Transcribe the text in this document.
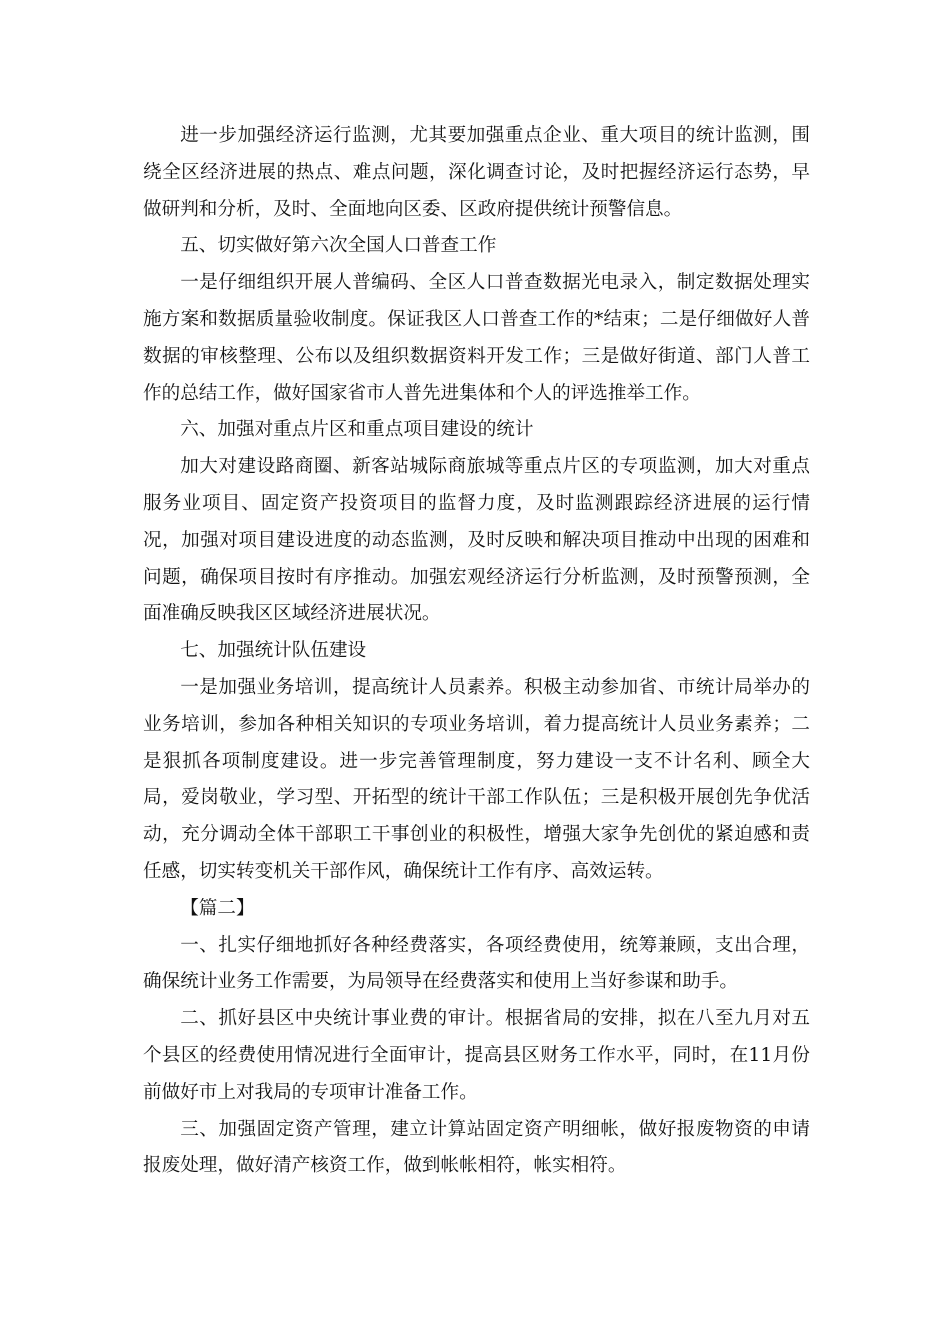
进一步加强经济运行监测，尤其要加强重点企业、重大项目的统计监测，围绕全区经济进展的热点、难点问题，深化调查讨论，及时把握经济运行态势，早做研判和分析，及时、全面地向区委、区政府提供统计预警信息。

五、切实做好第六次全国人口普查工作

一是仔细组织开展人普编码、全区人口普查数据光电录入，制定数据处理实施方案和数据质量验收制度。保证我区人口普查工作的*结束；二是仔细做好人普数据的审核整理、公布以及组织数据资料开发工作；三是做好街道、部门人普工作的总结工作，做好国家省市人普先进集体和个人的评选推举工作。

六、加强对重点片区和重点项目建设的统计

加大对建设路商圈、新客站城际商旅城等重点片区的专项监测，加大对重点服务业项目、固定资产投资项目的监督力度，及时监测跟踪经济进展的运行情况，加强对项目建设进度的动态监测，及时反映和解决项目推动中出现的困难和问题，确保项目按时有序推动。加强宏观经济运行分析监测，及时预警预测，全面准确反映我区区域经济进展状况。

七、加强统计队伍建设

一是加强业务培训，提高统计人员素养。积极主动参加省、市统计局举办的业务培训，参加各种相关知识的专项业务培训，着力提高统计人员业务素养；二是狠抓各项制度建设。进一步完善管理制度，努力建设一支不计名利、顾全大局，爱岗敬业，学习型、开拓型的统计干部工作队伍；三是积极开展创先争优活动，充分调动全体干部职工干事创业的积极性，增强大家争先创优的紧迫感和责任感，切实转变机关干部作风，确保统计工作有序、高效运转。

【篇二】

一、扎实仔细地抓好各种经费落实，各项经费使用，统筹兼顾，支出合理，确保统计业务工作需要，为局领导在经费落实和使用上当好参谋和助手。

二、抓好县区中央统计事业费的审计。根据省局的安排，拟在八至九月对五个县区的经费使用情况进行全面审计，提高县区财务工作水平，同时，在11月份前做好市上对我局的专项审计准备工作。

三、加强固定资产管理，建立计算站固定资产明细帐，做好报废物资的申请报废处理，做好清产核资工作，做到帐帐相符，帐实相符。
